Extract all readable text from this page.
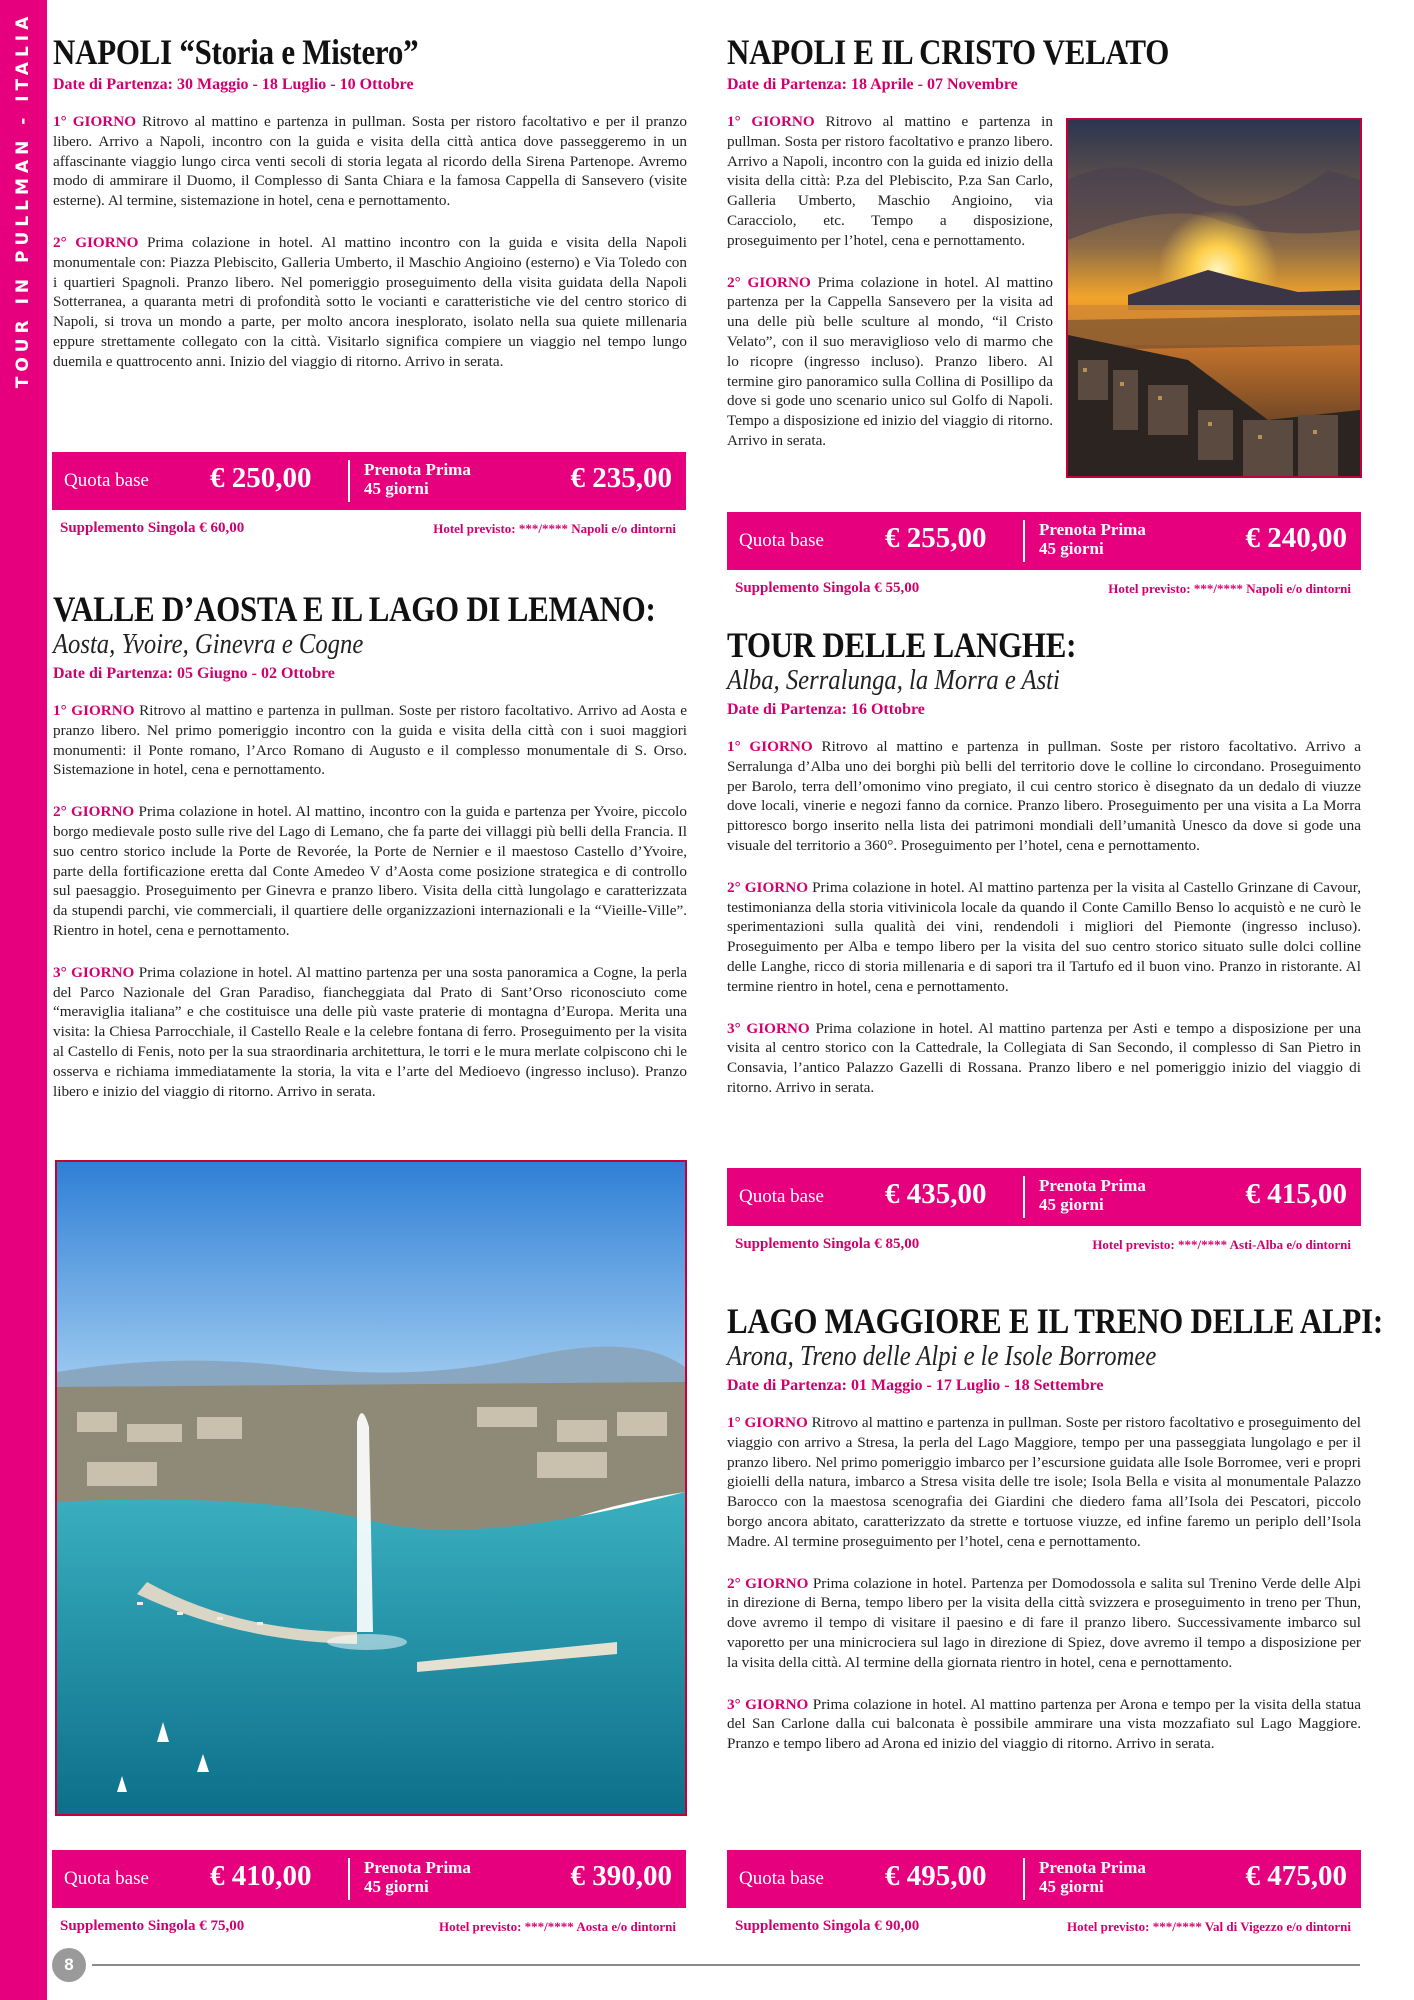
TOUR IN PULLMAN - ITALIA NAPOLI “Storia e Mistero”
Date di Partenza: 30 Maggio - 18 Luglio - 10 Ottobre

1° GIORNO Ritrovo al mattino e partenza in pullman. Sosta per ristoro facoltativo e per il pranzo libero. Arrivo a Napoli, incontro con la guida e visita della città antica dove passeggeremo in un affascinante viaggio lungo circa venti secoli di storia legata al ricordo della Sirena Partenope. Avremo modo di ammirare il Duomo, il Complesso di Santa Chiara e la famosa Cappella di Sansevero (visite esterne). Al termine, sistemazione in hotel, cena e pernottamento.

2° GIORNO Prima colazione in hotel. Al mattino incontro con la guida e visita della Napoli monumentale con: Piazza Plebiscito, Galleria Umberto, il Maschio Angioino (esterno) e Via Toledo con i quartieri Spagnoli. Pranzo libero. Nel pomeriggio proseguimento della visita guidata della Napoli Sotterranea, a quaranta metri di profondità sotto le vocianti e caratteristiche vie del centro storico di Napoli, si trova un mondo a parte, per molto ancora inesplorato, isolato nella sua quiete millenaria eppure strettamente collegato con la città. Visitarlo significa compiere un viaggio nel tempo lungo duemila e quattrocento anni. Inizio del viaggio di ritorno. Arrivo in serata.

Quota base € 250,00	Prenota Prima
45 giorni	€ 235,00
Supplemento Singola € 60,00	Hotel previsto: ***/**** Napoli e/o dintorni
NAPOLI E IL CRISTO VELATO
Date di Partenza: 18 Aprile - 07 Novembre

1° GIORNO Ritrovo al mattino e partenza in pullman. Sosta per ristoro facoltativo e pranzo libero. Arrivo a Napoli, incontro con la guida ed inizio della visita della città: P.za del Plebiscito, P.za San Carlo, Galleria Umberto, Maschio Angioino, via Caracciolo, etc. Tempo a disposizione, proseguimento per l’hotel, cena e pernottamento.

2° GIORNO Prima colazione in hotel. Al mattino partenza per la Cappella Sansevero per la visita ad una delle più belle sculture al mondo, “il Cristo Velato”, con il suo meraviglioso velo di marmo che lo ricopre (ingresso incluso). Pranzo libero. Al termine giro panoramico sulla Collina di Posillipo da dove si gode uno scenario unico sul Golfo di Napoli. Tempo a disposizione ed inizio del viaggio di ritorno. Arrivo in serata.

Quota base € 255,00	Prenota Prima
45 giorni	€ 240,00
Supplemento Singola € 55,00	Hotel previsto: ***/**** Napoli e/o dintorni
VALLE D’AOSTA E IL LAGO DI LEMANO:
Aosta, Yvoire, Ginevra e Cogne
Date di Partenza: 05 Giugno - 02 Ottobre

1° GIORNO Ritrovo al mattino e partenza in pullman. Soste per ristoro facoltativo. Arrivo ad Aosta e pranzo libero. Nel primo pomeriggio incontro con la guida e visita della città con i suoi maggiori monumenti: il Ponte romano, l’Arco Romano di Augusto e il complesso monumentale di S. Orso. Sistemazione in hotel, cena e pernottamento.

2° GIORNO Prima colazione in hotel. Al mattino, incontro con la guida e partenza per Yvoire, piccolo borgo medievale posto sulle rive del Lago di Lemano, che fa parte dei villaggi più belli della Francia. Il suo centro storico include la Porte de Revorée, la Porte de Nernier e il maestoso Castello d’Yvoire, parte della fortificazione eretta dal Conte Amedeo V d’Aosta come posizione strategica e di controllo sul paesaggio. Proseguimento per Ginevra e pranzo libero. Visita della città lungolago e caratterizzata da stupendi parchi, vie commerciali, il quartiere delle organizzazioni internazionali e la “Vieille-Ville”. Rientro in hotel, cena e pernottamento.

3° GIORNO Prima colazione in hotel. Al mattino partenza per una sosta panoramica a Cogne, la perla del Parco Nazionale del Gran Paradiso, fiancheggiata dal Prato di Sant’Orso riconosciuto come “meraviglia italiana” e che costituisce una delle più vaste praterie di montagna d’Europa. Merita una visita: la Chiesa Parrocchiale, il Castello Reale e la celebre fontana di ferro. Proseguimento per la visita al Castello di Fenis, noto per la sua straordinaria architettura, le torri e le mura merlate colpiscono chi le osserva e richiama immediatamente la storia, la vita e l’arte del Medioevo (ingresso incluso). Pranzo libero e inizio del viaggio di ritorno. Arrivo in serata.

Quota base € 410,00	Prenota Prima
45 giorni	€ 390,00
Supplemento Singola € 75,00	Hotel previsto: ***/**** Aosta e/o dintorni
TOUR DELLE LANGHE:
Alba, Serralunga, la Morra e Asti
Date di Partenza: 16 Ottobre

1° GIORNO Ritrovo al mattino e partenza in pullman. Soste per ristoro facoltativo. Arrivo a Serralunga d’Alba uno dei borghi più belli del territorio dove le colline lo circondano. Proseguimento per Barolo, terra dell’omonimo vino pregiato, il cui centro storico è disegnato da un dedalo di viuzze dove locali, vinerie e negozi fanno da cornice. Pranzo libero. Proseguimento per una visita a La Morra pittoresco borgo inserito nella lista dei patrimoni mondiali dell’umanità Unesco da dove si gode una visuale del territorio a 360°. Proseguimento per l’hotel, cena e pernottamento.

2° GIORNO Prima colazione in hotel. Al mattino partenza per la visita al Castello Grinzane di Cavour, testimonianza della storia vitivinicola locale da quando il Conte Camillo Benso lo acquistò e ne curò le sperimentazioni sulla qualità dei vini, rendendoli i migliori del Piemonte (ingresso incluso). Proseguimento per Alba e tempo libero per la visita del suo centro storico situato sulle dolci colline delle Langhe, ricco di storia millenaria e di sapori tra il Tartufo ed il buon vino. Pranzo in ristorante. Al termine rientro in hotel, cena e pernottamento.

3° GIORNO Prima colazione in hotel. Al mattino partenza per Asti e tempo a disposizione per una visita al centro storico con la Cattedrale, la Collegiata di San Secondo, il complesso di San Pietro in Consavia, l’antico Palazzo Gazelli di Rossana. Pranzo libero e nel pomeriggio inizio del viaggio di ritorno. Arrivo in serata.

Quota base € 435,00	Prenota Prima
45 giorni	€ 415,00
Supplemento Singola € 85,00	Hotel previsto: ***/**** Asti-Alba e/o dintorni
LAGO MAGGIORE E IL TRENO DELLE ALPI:
Arona, Treno delle Alpi e le Isole Borromee
Date di Partenza: 01 Maggio - 17 Luglio - 18 Settembre

1° GIORNO Ritrovo al mattino e partenza in pullman. Soste per ristoro facoltativo e proseguimento del viaggio con arrivo a Stresa, la perla del Lago Maggiore, tempo per una passeggiata lungolago e per il pranzo libero. Nel primo pomeriggio imbarco per l’escursione guidata alle Isole Borromee, veri e propri gioielli della natura, imbarco a Stresa visita delle tre isole; Isola Bella e visita al monumentale Palazzo Barocco con la maestosa scenografia dei Giardini che diedero fama all’Isola dei Pescatori, piccolo borgo ancora abitato, caratterizzato da strette e tortuose viuzze, ed infine faremo un periplo dell’Isola Madre. Al termine proseguimento per l’hotel, cena e pernottamento.

2° GIORNO Prima colazione in hotel. Partenza per Domodossola e salita sul Trenino Verde delle Alpi in direzione di Berna, tempo libero per la visita della città svizzera e proseguimento in treno per Thun, dove avremo il tempo di visitare il paesino e di fare il pranzo libero. Successivamente imbarco sul vaporetto per una minicrociera sul lago in direzione di Spiez, dove avremo il tempo a disposizione per la visita della città. Al termine della giornata rientro in hotel, cena e pernottamento.

3° GIORNO Prima colazione in hotel. Al mattino partenza per Arona e tempo per la visita della statua del San Carlone dalla cui balconata è possibile ammirare una vista mozzafiato sul Lago Maggiore. Pranzo e tempo libero ad Arona ed inizio del viaggio di ritorno. Arrivo in serata.

Quota base € 495,00	Prenota Prima
45 giorni	€ 475,00
Supplemento Singola € 90,00	Hotel previsto: ***/**** Val di Vigezzo e/o dintorni
8
